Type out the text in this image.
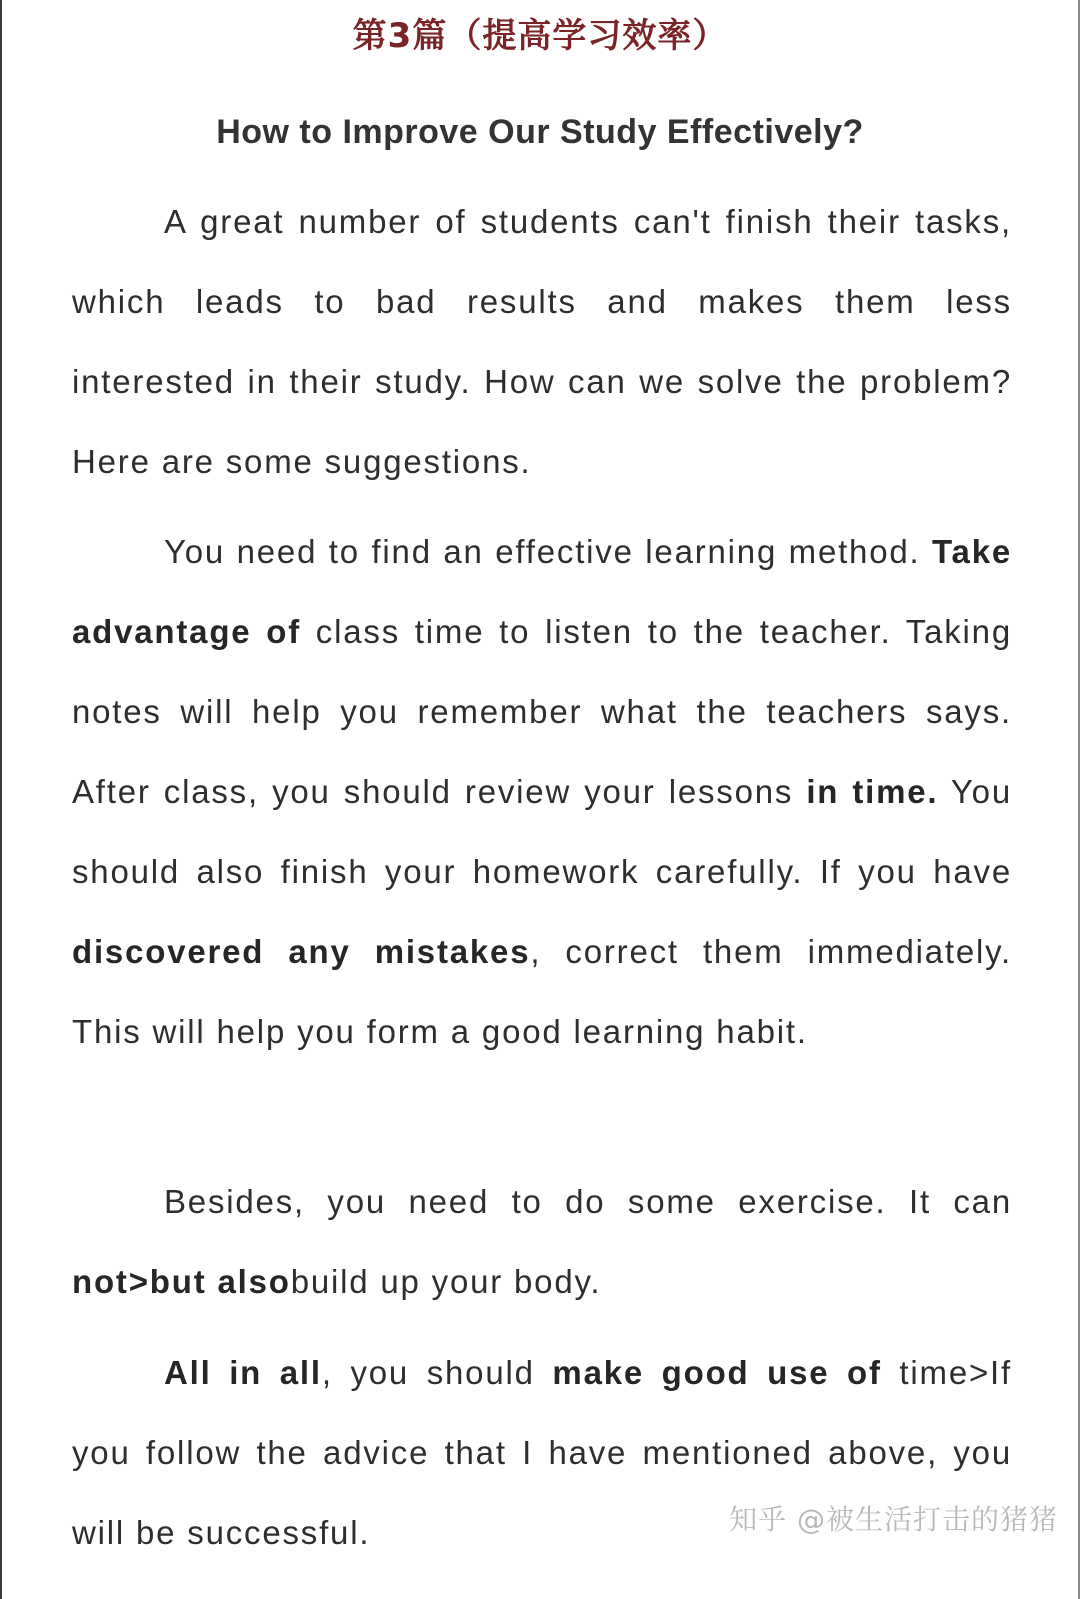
第3篇（提高学习效率）
How to Improve Our Study Effectively?

A great number of students can't finish their tasks, which leads to bad results and makes them less interested in their study. How can we solve the problem? Here are some suggestions.

You need to find an effective learning method. Take advantage of class time to listen to the teacher. Taking notes will help you remember what the teachers says. After class, you should review your lessons in time. You should also finish your homework carefully. If you have discovered any mistakes, correct them immediately. This will help you form a good learning habit.

Besides, you need to do some exercise. It can not>but alsobuild up your body.

All in all, you should make good use of time>If you follow the advice that I have mentioned above, you will be successful.	知乎 @被生活打击的猪猪
